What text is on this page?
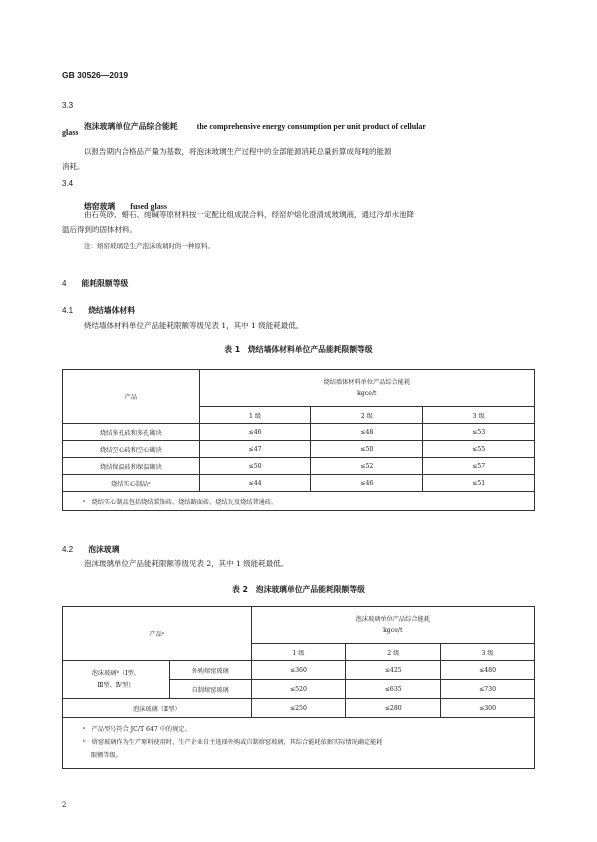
GB 30526—2019
3.3
泡沫玻璃单位产品综合能耗 the comprehensive energy consumption per unit product of cellular
glass
以报告期内合格品产量为基数，将泡沫玻璃生产过程中的全部能源消耗总量折算成每吨的能源
消耗。
3.4
熔窑玻璃 fused glass
由石英砂、蜡石、纯碱等原材料按一定配比组成混合料，经窑炉熔化澄清成玻璃液，通过冷却水池降
温后得到的固体材料。
注：熔窑玻璃是生产泡沫玻璃时的一种原料。
4 能耗限额等级
4.1 烧结墙体材料
烧结墙体材料单位产品能耗限额等级见表 1，其中 1 级能耗最低。
表 1　烧结墙体材料单位产品能耗限额等级
产品	烧结墙体材料单位产品综合能耗
kgce/t		

	1 级	2 级	3 级
烧结多孔砖和多孔砌块	≤46	≤48	≤53
烧结空心砖和空心砌块	≤47	≤50	≤55
烧结保温砖和保温砌块	≤50	≤52	≤57
烧结实心制品ᵃ	≤44	≤46	≤51
ᵃ　烧结实心制品包括烧结装饰砖、烧结路面砖、烧结瓦及烧结普通砖。			
4.2 泡沫玻璃
泡沫玻璃单位产品能耗限额等级见表 2，其中 1 级能耗最低。
表 2　泡沫玻璃单位产品能耗限额等级
产品ᵃ		泡沫玻璃单位产品综合能耗
kgce/t		

		1 级	2 级	3 级

泡沫玻璃ᵇ（Ⅰ型、
Ⅲ型、Ⅳ型）	外购熔窑玻璃	≤360	≤425	≤480
	自制熔窑玻璃	≤520	≤635	≤730
泡沫玻璃（Ⅱ型）		≤250	≤280	≤300

ᵃ　产品型号符合 JC/T 647 中的规定。
ᵇ　熔窑玻璃作为生产原料使用时，生产企业自主选择外购或自制熔窑玻璃，其综合能耗依据实际情况确定能耗
限额等级。				
2
